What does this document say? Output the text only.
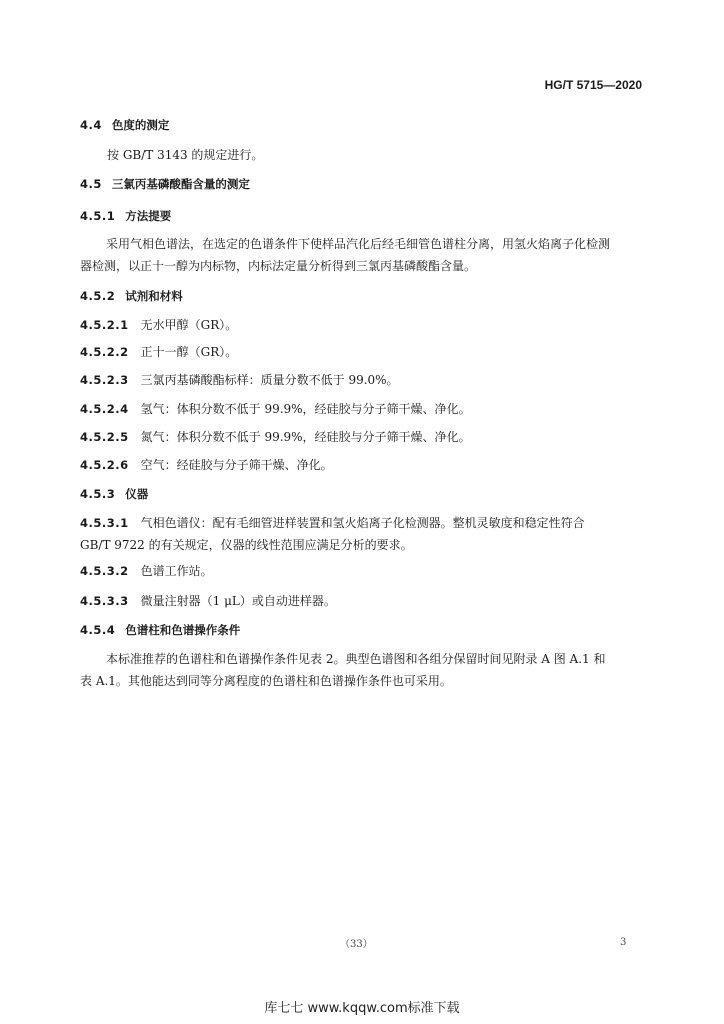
HG/T 5715—2020
4.4 色度的测定
按 GB/T 3143 的规定进行。
4.5 三氯丙基磷酸酯含量的测定
4.5.1 方法提要
采用气相色谱法，在选定的色谱条件下使样品汽化后经毛细管色谱柱分离，用氢火焰离子化检测
器检测，以正十一醇为内标物，内标法定量分析得到三氯丙基磷酸酯含量。
4.5.2 试剂和材料
4.5.2.1 无水甲醇（GR）。
4.5.2.2 正十一醇（GR）。
4.5.2.3 三氯丙基磷酸酯标样：质量分数不低于 99.0%。
4.5.2.4 氢气：体积分数不低于 99.9%，经硅胶与分子筛干燥、净化。
4.5.2.5 氮气：体积分数不低于 99.9%，经硅胶与分子筛干燥、净化。
4.5.2.6 空气：经硅胶与分子筛干燥、净化。
4.5.3 仪器
4.5.3.1 气相色谱仪：配有毛细管进样装置和氢火焰离子化检测器。整机灵敏度和稳定性符合
GB/T 9722 的有关规定，仪器的线性范围应满足分析的要求。
4.5.3.2 色谱工作站。
4.5.3.3 微量注射器（1 μL）或自动进样器。
4.5.4 色谱柱和色谱操作条件
本标准推荐的色谱柱和色谱操作条件见表 2。典型色谱图和各组分保留时间见附录 A 图 A.1 和
表 A.1。其他能达到同等分离程度的色谱柱和色谱操作条件也可采用。
（33）	3
库七七 www.kqqw.com标准下载
